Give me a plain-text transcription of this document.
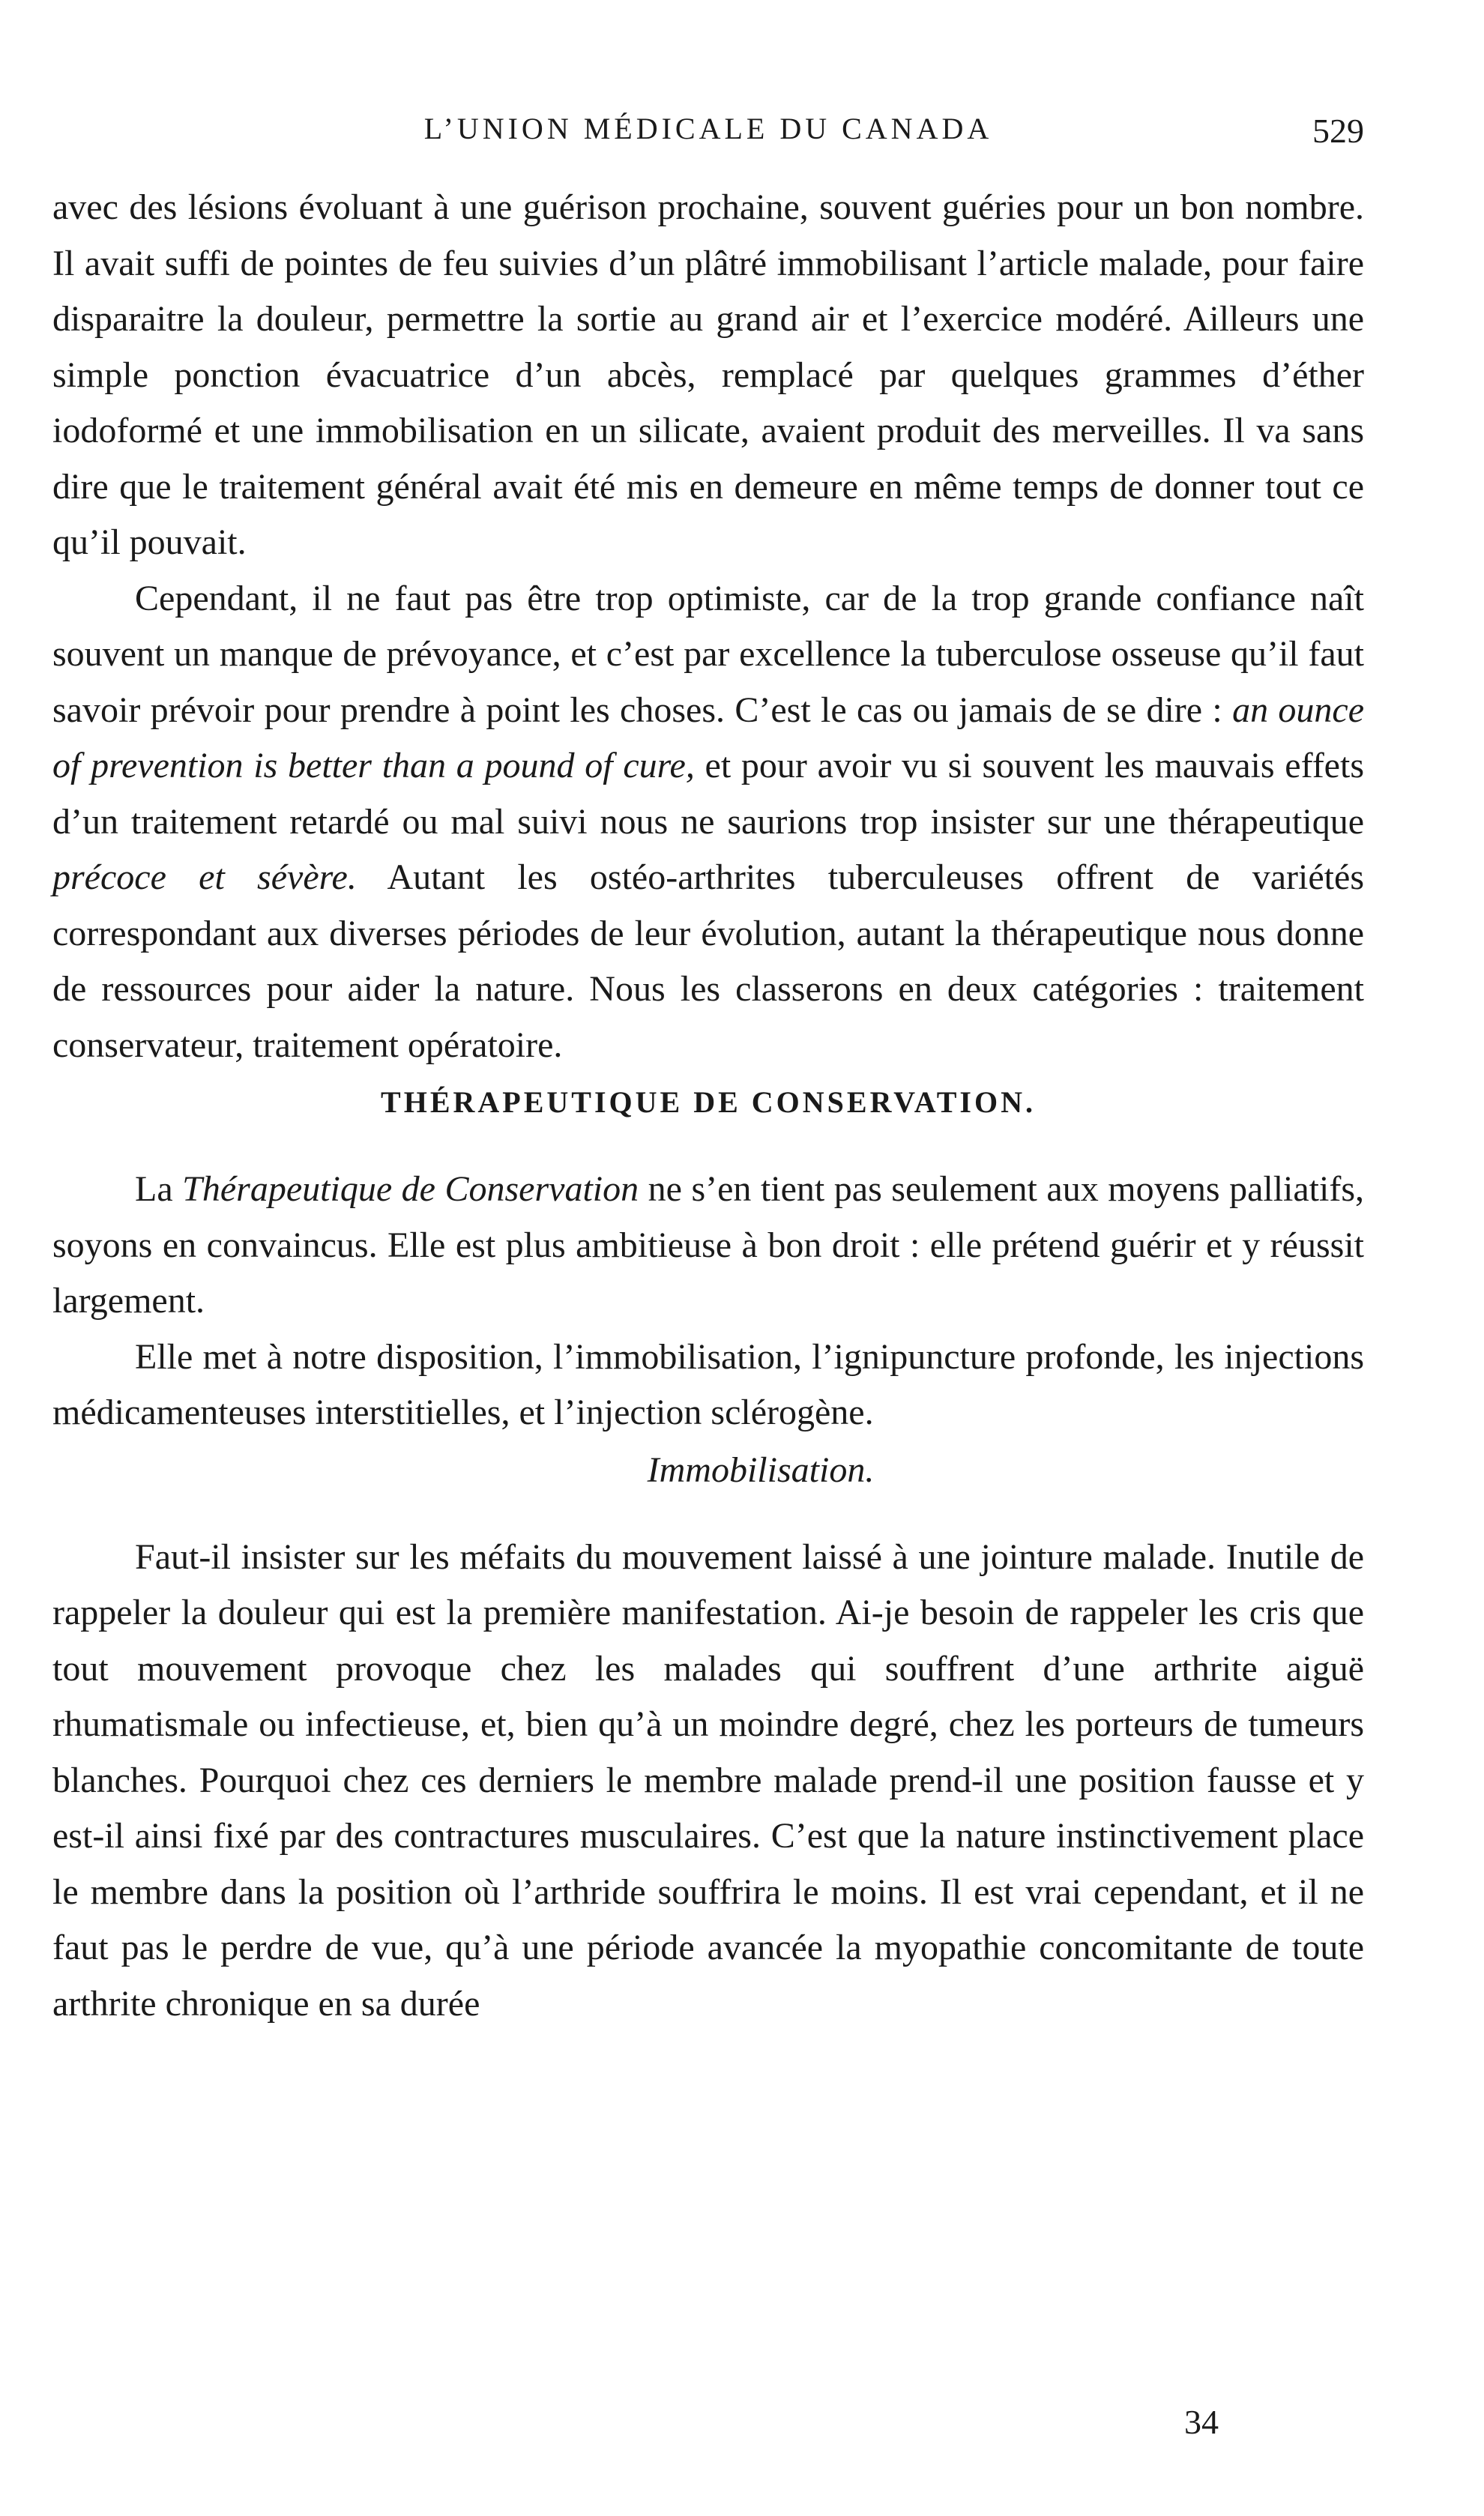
L’UNION MÉDICALE DU CANADA	529

avec des lésions évoluant à une guérison prochaine, souvent guéries pour un bon nombre. Il avait suffi de pointes de feu suivies d’un plâtré immobilisant l’article malade, pour faire disparaitre la douleur, permettre la sortie au grand air et l’exercice modéré. Ailleurs une simple ponction évacuatrice d’un abcès, remplacé par quelques grammes d’éther iodoformé et une immobilisation en un silicate, avaient produit des merveilles. Il va sans dire que le traitement général avait été mis en demeure en même temps de donner tout ce qu’il pouvait.

Cependant, il ne faut pas être trop optimiste, car de la trop grande confiance naît souvent un manque de prévoyance, et c’est par excellence la tuberculose osseuse qu’il faut savoir prévoir pour prendre à point les choses. C’est le cas ou jamais de se dire : an ounce of prevention is better than a pound of cure, et pour avoir vu si souvent les mauvais effets d’un traitement retardé ou mal suivi nous ne saurions trop insister sur une thérapeutique précoce et sévère. Autant les ostéo-arthrites tuberculeuses offrent de variétés correspondant aux diverses périodes de leur évolution, autant la thérapeutique nous donne de ressources pour aider la nature. Nous les classerons en deux catégories : traitement conservateur, traitement opératoire.

THÉRAPEUTIQUE DE CONSERVATION.

La Thérapeutique de Conservation ne s’en tient pas seulement aux moyens palliatifs, soyons en convaincus. Elle est plus ambitieuse à bon droit : elle prétend guérir et y réussit largement.

Elle met à notre disposition, l’immobilisation, l’ignipuncture profonde, les injections médicamenteuses interstitielles, et l’injection sclérogène.

Immobilisation.

Faut-il insister sur les méfaits du mouvement laissé à une jointure malade. Inutile de rappeler la douleur qui est la première manifestation. Ai-je besoin de rappeler les cris que tout mouvement provoque chez les malades qui souffrent d’une arthrite aiguë rhumatismale ou infectieuse, et, bien qu’à un moindre degré, chez les porteurs de tumeurs blanches. Pourquoi chez ces derniers le membre malade prend-il une position fausse et y est-il ainsi fixé par des contractures musculaires. C’est que la nature instinctivement place le membre dans la position où l’arthride souffrira le moins. Il est vrai cependant, et il ne faut pas le perdre de vue, qu’à une période avancée la myopathie concomitante de toute arthrite chronique en sa durée

34
